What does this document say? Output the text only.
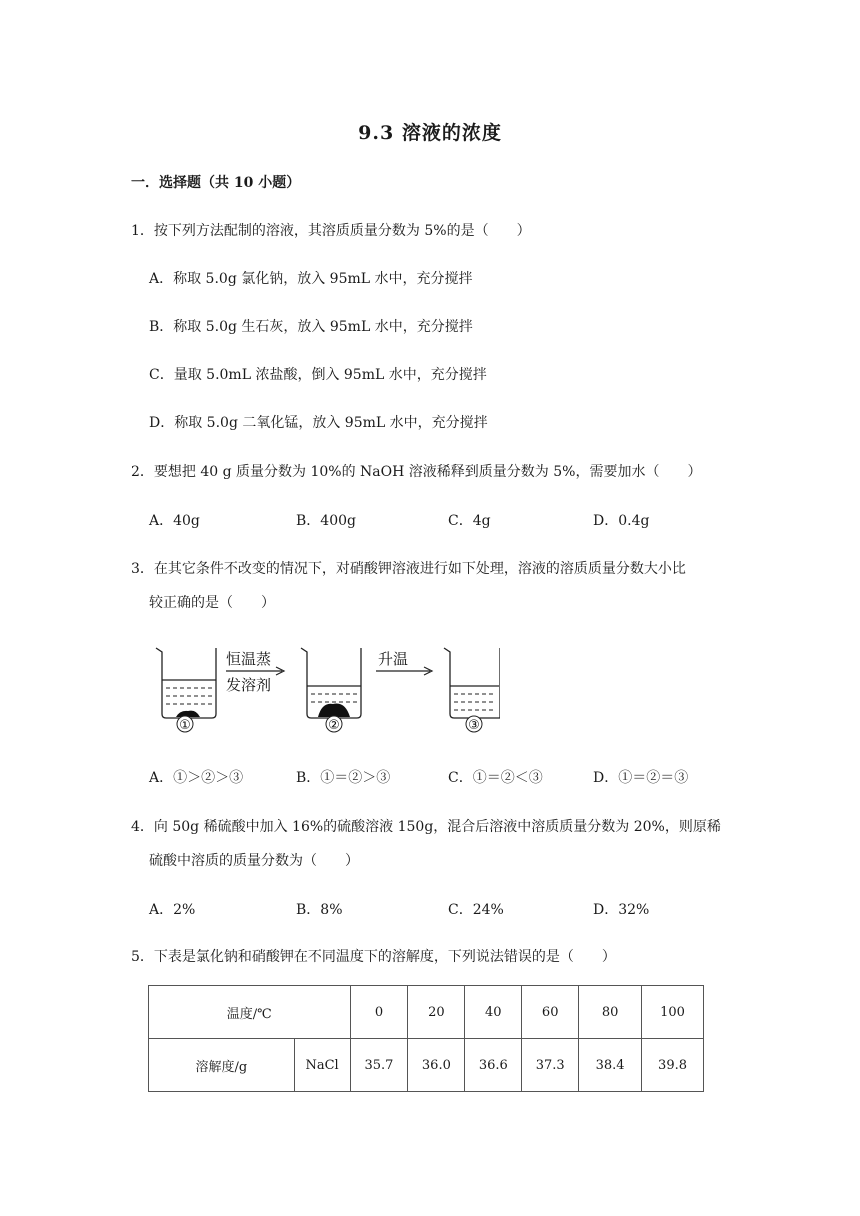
9.3 溶液的浓度
一．选择题（共 10 小题）
1．按下列方法配制的溶液，其溶质质量分数为 5%的是（　　）
A．称取 5.0g 氯化钠，放入 95mL 水中，充分搅拌
B．称取 5.0g 生石灰，放入 95mL 水中，充分搅拌
C．量取 5.0mL 浓盐酸，倒入 95mL 水中，充分搅拌
D．称取 5.0g 二氧化锰，放入 95mL 水中，充分搅拌
2．要想把 40 g 质量分数为 10%的 NaOH 溶液稀释到质量分数为 5%，需要加水（　　）
A．40g	B．400g	C．4g	D．0.4g
3．在其它条件不改变的情况下，对硝酸钾溶液进行如下处理，溶液的溶质质量分数大小比
较正确的是（　　）
①
恒温蒸
发溶剂
②
升温
③
A．①＞②＞③	B．①＝②＞③	C．①＝②＜③	D．①＝②＝③
4．向 50g 稀硫酸中加入 16%的硫酸溶液 150g，混合后溶液中溶质质量分数为 20%，则原稀
硫酸中溶质的质量分数为（　　）
A．2%	B．8%	C．24%	D．32%
5．下表是氯化钠和硝酸钾在不同温度下的溶解度，下列说法错误的是（　　）
温度/℃		0	20	40	60	80	100
溶解度/g	NaCl	35.7	36.0	36.6	37.3	38.4	39.8
